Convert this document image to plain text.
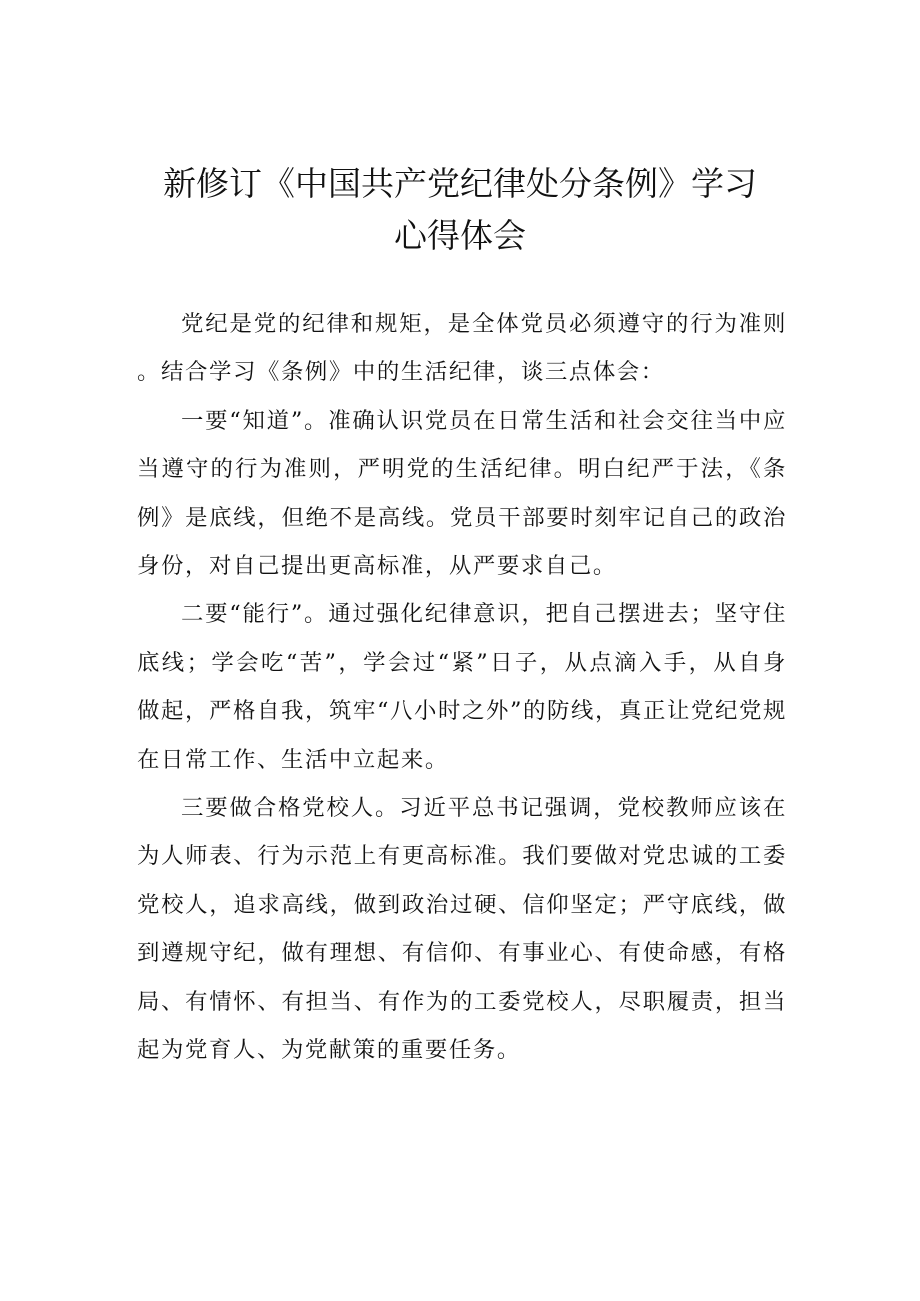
新修订《中国共产党纪律处分条例》学习
心得体会

党纪是党的纪律和规矩，是全体党员必须遵守的行为准则。结合学习《条例》中的生活纪律，谈三点体会：

一要“知道”。准确认识党员在日常生活和社会交往当中应当遵守的行为准则，严明党的生活纪律。明白纪严于法，《条例》是底线，但绝不是高线。党员干部要时刻牢记自己的政治身份，对自己提出更高标准，从严要求自己。

二要“能行”。通过强化纪律意识，把自己摆进去；坚守住底线；学会吃“苦”，学会过“紧”日子，从点滴入手，从自身做起，严格自我，筑牢“八小时之外”的防线，真正让党纪党规在日常工作、生活中立起来。

三要做合格党校人。习近平总书记强调，党校教师应该在为人师表、行为示范上有更高标准。我们要做对党忠诚的工委党校人，追求高线，做到政治过硬、信仰坚定；严守底线，做到遵规守纪，做有理想、有信仰、有事业心、有使命感，有格局、有情怀、有担当、有作为的工委党校人，尽职履责，担当起为党育人、为党献策的重要任务。
